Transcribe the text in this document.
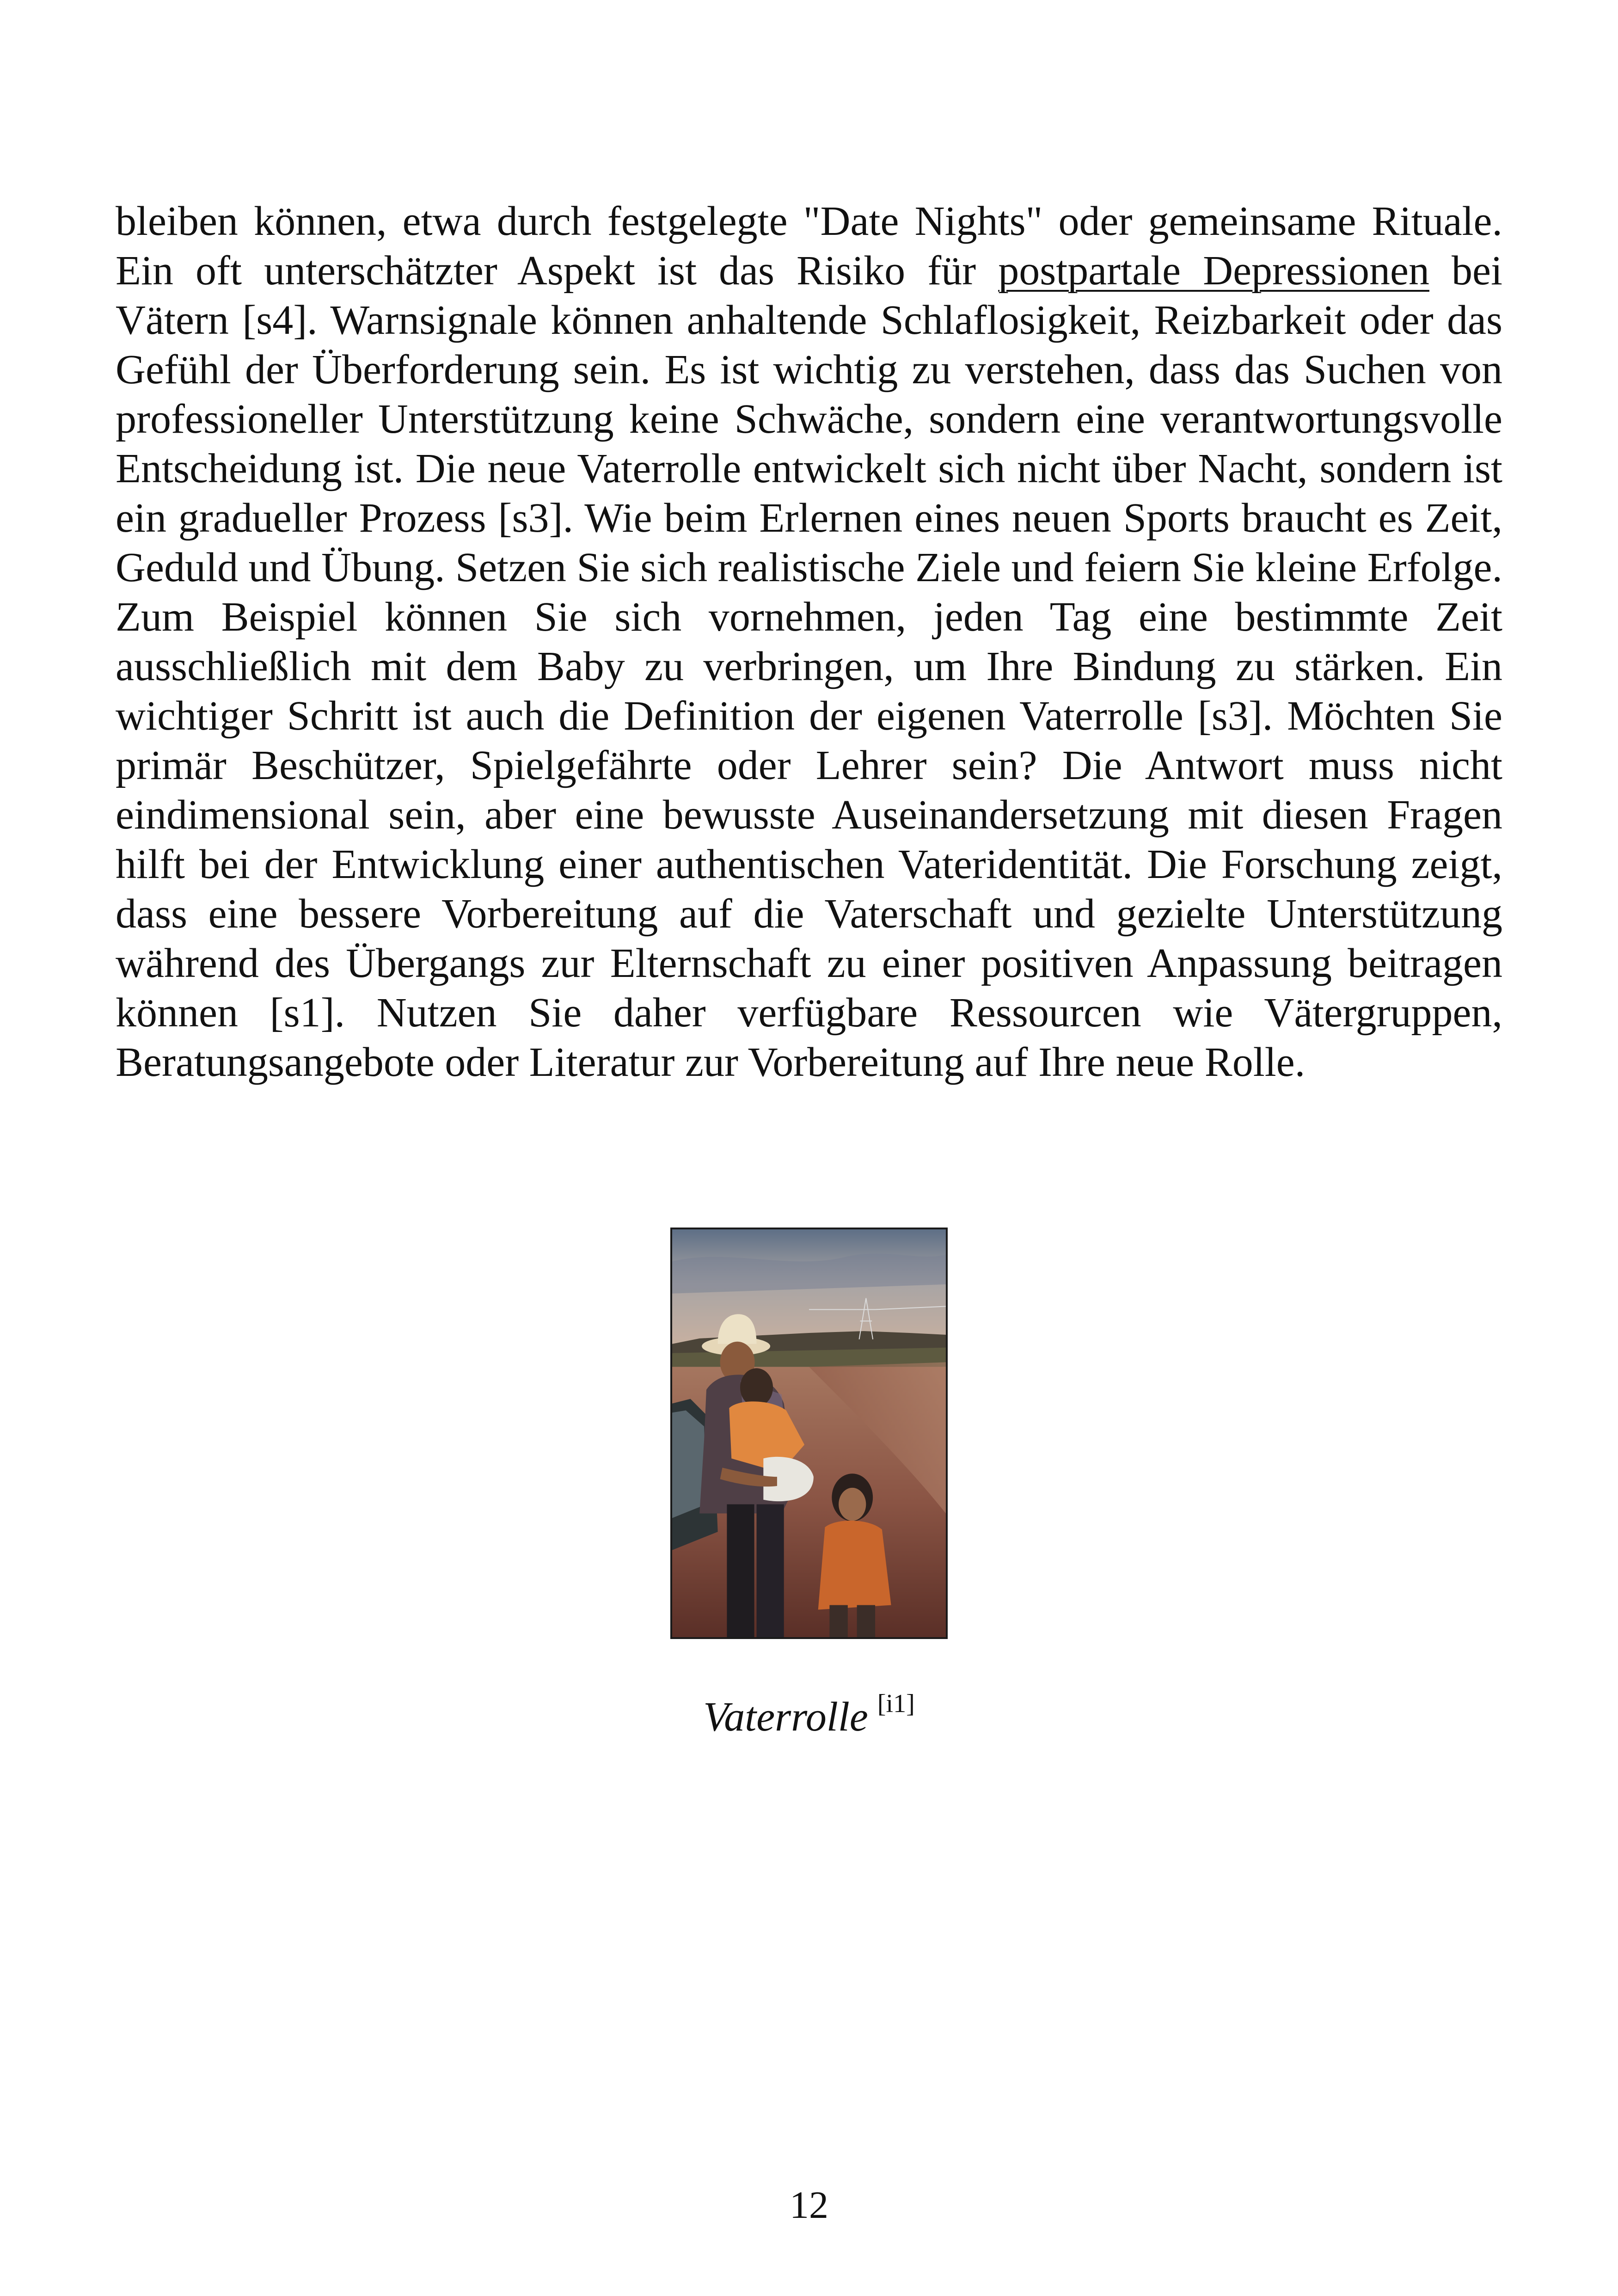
bleiben können, etwa durch festgelegte "Date Nights" oder gemeinsame Rituale. Ein oft unterschätzter Aspekt ist das Risiko für postpartale Depressionen bei Vätern [s4]. Warnsignale können anhaltende Schlaflosigkeit, Reizbarkeit oder das Gefühl der Überforderung sein. Es ist wichtig zu verstehen, dass das Suchen von professioneller Unterstützung keine Schwäche, sondern eine verantwortungsvolle Entscheidung ist. Die neue Vaterrolle entwickelt sich nicht über Nacht, sondern ist ein gradueller Prozess [s3]. Wie beim Erlernen eines neuen Sports braucht es Zeit, Geduld und Übung. Setzen Sie sich realistische Ziele und feiern Sie kleine Erfolge. Zum Beispiel können Sie sich vornehmen, jeden Tag eine bestimmte Zeit ausschließlich mit dem Baby zu verbringen, um Ihre Bindung zu stärken. Ein wichtiger Schritt ist auch die Definition der eigenen Vaterrolle [s3]. Möchten Sie primär Beschützer, Spielgefährte oder Lehrer sein? Die Antwort muss nicht eindimensional sein, aber eine bewusste Auseinandersetzung mit diesen Fragen hilft bei der Entwicklung einer authentischen Vateridentität. Die Forschung zeigt, dass eine bessere Vorbereitung auf die Vaterschaft und gezielte Unterstützung während des Übergangs zur Elternschaft zu einer positiven Anpassung beitragen können [s1]. Nutzen Sie daher verfügbare Ressourcen wie Vätergruppen, Beratungsangebote oder Literatur zur Vorbereitung auf Ihre neue Rolle.

Vaterrolle [i1]
12
